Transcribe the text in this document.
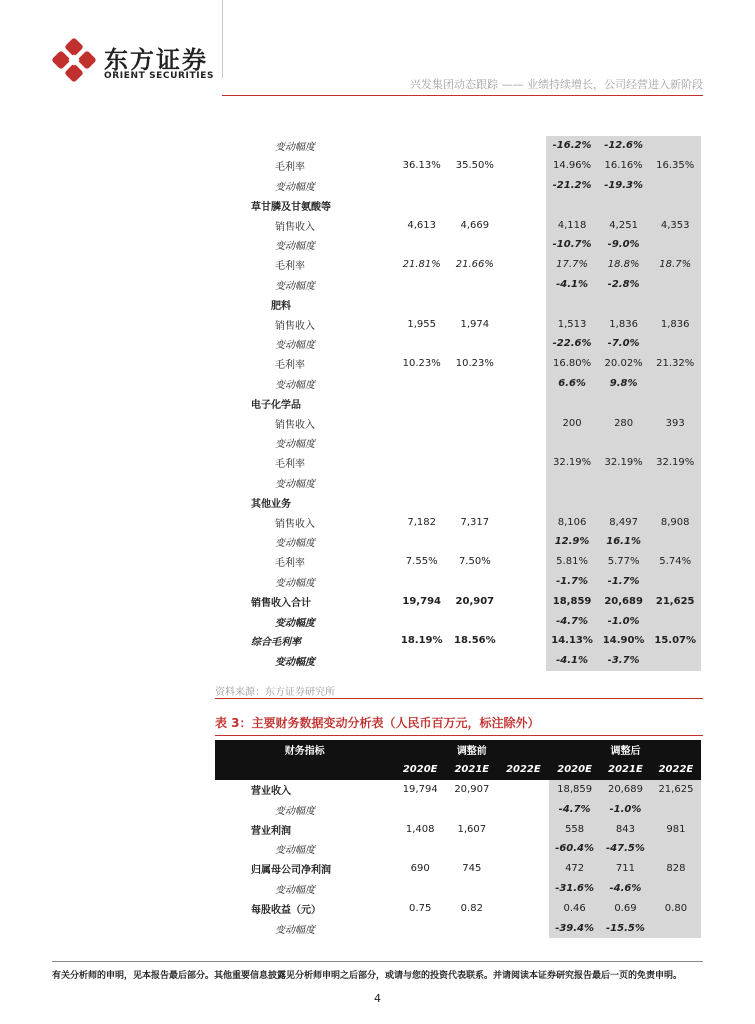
东方证券
ORIENT SECURITIES
兴发集团动态跟踪 —— 业绩持续增长，公司经营进入新阶段
变动幅度				-16.2%	-12.6%	
毛利率	36.13%	35.50%		14.96%	16.16%	16.35%
变动幅度				-21.2%	-19.3%	
草甘膦及甘氨酸等						
销售收入	4,613	4,669		4,118	4,251	4,353
变动幅度				-10.7%	-9.0%	
毛利率	21.81%	21.66%		17.7%	18.8%	18.7%
变动幅度				-4.1%	-2.8%	
肥料						
销售收入	1,955	1,974		1,513	1,836	1,836
变动幅度				-22.6%	-7.0%	
毛利率	10.23%	10.23%		16.80%	20.02%	21.32%
变动幅度				6.6%	9.8%	
电子化学品						
销售收入				200	280	393
变动幅度						
毛利率				32.19%	32.19%	32.19%
变动幅度						
其他业务						
销售收入	7,182	7,317		8,106	8,497	8,908
变动幅度				12.9%	16.1%	
毛利率	7.55%	7.50%		5.81%	5.77%	5.74%
变动幅度				-1.7%	-1.7%	
销售收入合计	19,794	20,907		18,859	20,689	21,625
变动幅度				-4.7%	-1.0%	
综合毛利率	18.19%	18.56%		14.13%	14.90%	15.07%
变动幅度				-4.1%	-3.7%	
资料来源：东方证券研究所
表 3：主要财务数据变动分析表（人民币百万元，标注除外）
财务指标		调整前			调整后	
	2020E	2021E	2022E	2020E	2021E	2022E
营业收入	19,794	20,907		18,859	20,689	21,625
变动幅度				-4.7%	-1.0%	
营业利润	1,408	1,607		558	843	981
变动幅度				-60.4%	-47.5%	
归属母公司净利润	690	745		472	711	828
变动幅度				-31.6%	-4.6%	
每股收益（元）	0.75	0.82		0.46	0.69	0.80
变动幅度				-39.4%	-15.5%	
有关分析师的申明，见本报告最后部分。其他重要信息披露见分析师申明之后部分，或请与您的投资代表联系。并请阅读本证券研究报告最后一页的免责申明。
4
